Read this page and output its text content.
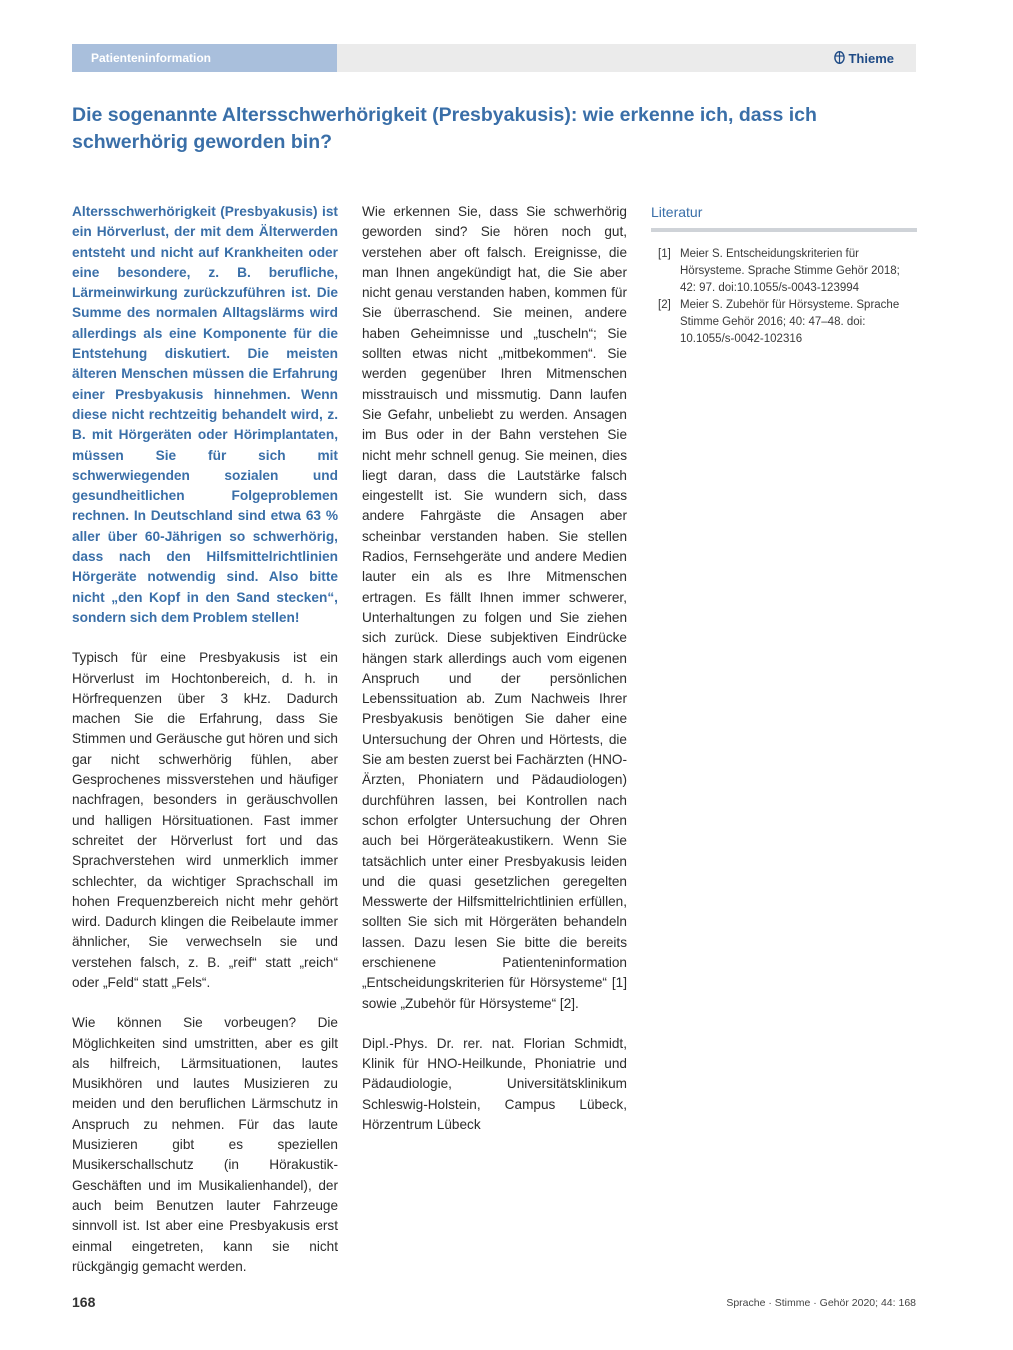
Patienteninformation	Thieme
Die sogenannte Altersschwerhörigkeit (Presbyakusis): wie erkenne ich, dass ich schwerhörig geworden bin?

Altersschwerhörigkeit (Presbyakusis) ist ein Hörverlust, der mit dem Älterwerden entsteht und nicht auf Krankheiten oder eine besondere, z. B. berufliche, Lärmeinwirkung zurückzuführen ist. Die Summe des normalen Alltagslärms wird allerdings als eine Komponente für die Entstehung diskutiert. Die meisten älteren Menschen müssen die Erfahrung einer Presbyakusis hinnehmen. Wenn diese nicht rechtzeitig behandelt wird, z. B. mit Hörgeräten oder Hörimplantaten, müssen Sie für sich mit schwerwiegenden sozialen und gesundheitlichen Folgeproblemen rechnen. In Deutschland sind etwa 63 % aller über 60-Jährigen so schwerhörig, dass nach den Hilfsmittelrichtlinien Hörgeräte notwendig sind. Also bitte nicht „den Kopf in den Sand stecken“, sondern sich dem Problem stellen!

Typisch für eine Presbyakusis ist ein Hörverlust im Hochtonbereich, d. h. in Hörfrequenzen über 3 kHz. Dadurch machen Sie die Erfahrung, dass Sie Stimmen und Geräusche gut hören und sich gar nicht schwerhörig fühlen, aber Gesprochenes missverstehen und häufiger nachfragen, besonders in geräuschvollen und halligen Hörsituationen. Fast immer schreitet der Hörverlust fort und das Sprachverstehen wird unmerklich immer schlechter, da wichtiger Sprachschall im hohen Frequenzbereich nicht mehr gehört wird. Dadurch klingen die Reibelaute immer ähnlicher, Sie verwechseln sie und verstehen falsch, z. B. „reif“ statt „reich“ oder „Feld“ statt „Fels“.

Wie können Sie vorbeugen? Die Möglichkeiten sind umstritten, aber es gilt als hilfreich, Lärmsituationen, lautes Musikhören und lautes Musizieren zu meiden und den beruflichen Lärmschutz in Anspruch zu nehmen. Für das laute Musizieren gibt es speziellen Musikerschallschutz (in Hörakustik-Geschäften und im Musikalienhandel), der auch beim Benutzen lauter Fahrzeuge sinnvoll ist. Ist aber eine Presbyakusis erst einmal eingetreten, kann sie nicht rückgängig gemacht werden.

Wie erkennen Sie, dass Sie schwerhörig geworden sind? Sie hören noch gut, verstehen aber oft falsch. Ereignisse, die man Ihnen angekündigt hat, die Sie aber nicht genau verstanden haben, kommen für Sie überraschend. Sie meinen, andere haben Geheimnisse und „tuscheln“; Sie sollten etwas nicht „mitbekommen“. Sie werden gegenüber Ihren Mitmenschen misstrauisch und missmutig. Dann laufen Sie Gefahr, unbeliebt zu werden. Ansagen im Bus oder in der Bahn verstehen Sie nicht mehr schnell genug. Sie meinen, dies liegt daran, dass die Lautstärke falsch eingestellt ist. Sie wundern sich, dass andere Fahrgäste die Ansagen aber scheinbar verstanden haben. Sie stellen Radios, Fernsehgeräte und andere Medien lauter ein als es Ihre Mitmenschen ertragen. Es fällt Ihnen immer schwerer, Unterhaltungen zu folgen und Sie ziehen sich zurück. Diese subjektiven Eindrücke hängen stark allerdings auch vom eigenen Anspruch und der persönlichen Lebenssituation ab. Zum Nachweis Ihrer Presbyakusis benötigen Sie daher eine Untersuchung der Ohren und Hörtests, die Sie am besten zuerst bei Fachärzten (HNO-Ärzten, Phoniatern und Pädaudiologen) durchführen lassen, bei Kontrollen nach schon erfolgter Untersuchung der Ohren auch bei Hörgeräteakustikern. Wenn Sie tatsächlich unter einer Presbyakusis leiden und die quasi gesetzlichen geregelten Messwerte der Hilfsmittelrichtlinien erfüllen, sollten Sie sich mit Hörgeräten behandeln lassen. Dazu lesen Sie bitte die bereits erschienene Patienteninformation „Entscheidungskriterien für Hörsysteme“ [1] sowie „Zubehör für Hörsysteme“ [2].

Dipl.-Phys. Dr. rer. nat. Florian Schmidt, Klinik für HNO-Heilkunde, Phoniatrie und Pädaudiologie, Universitätsklinikum Schleswig-Holstein, Campus Lübeck, Hörzentrum Lübeck

Literatur

[1] Meier S. Entscheidungskriterien für Hörsysteme. Sprache Stimme Gehör 2018; 42: 97. doi:10.1055/s-0043-123994
[2] Meier S. Zubehör für Hörsysteme. Sprache Stimme Gehör 2016; 40: 47–48. doi: 10.1055/s-0042-102316
168	Sprache · Stimme · Gehör 2020; 44: 168
